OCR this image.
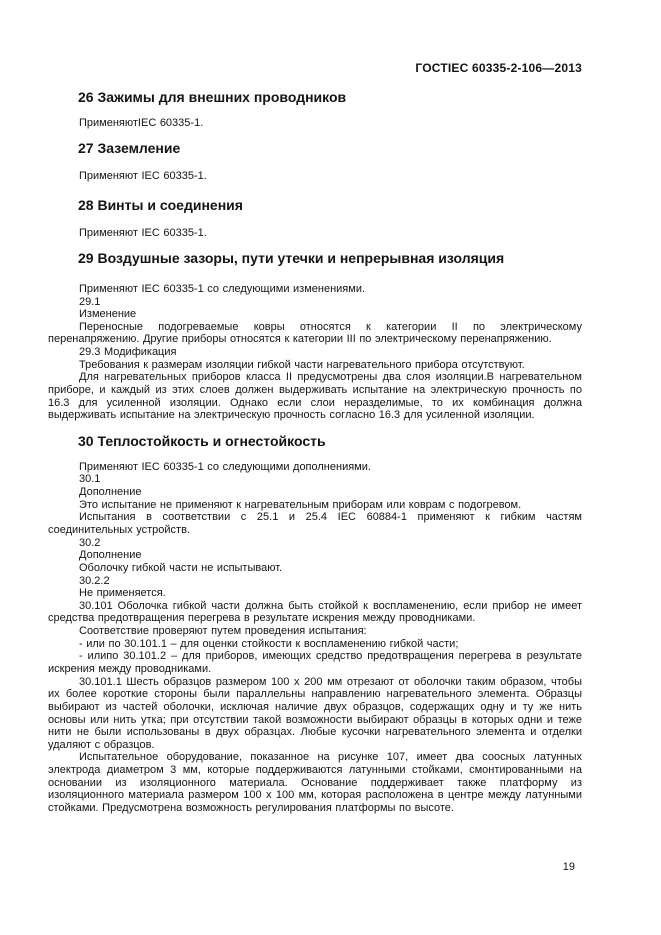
ГОСТIEC 60335-2-106—2013
26 Зажимы для внешних проводников

ПрименяютIEC 60335-1.

27 Заземление

Применяют IEC 60335-1.

28 Винты и соединения

Применяют IEC 60335-1.

29 Воздушные зазоры, пути утечки и непрерывная изоляция

Применяют IEC 60335-1 со следующими изменениями.

29.1

Изменение

Переносные подогреваемые ковры относятся к категории II по электрическому

перенапряжению. Другие приборы относятся к категории III по электрическому перенапряжению.

29.3 Модификация

Требования к размерам изоляции гибкой части нагревательного прибора отсутствуют.

Для нагревательных приборов класса II предусмотрены два слоя изоляции.В нагревательном

приборе, и каждый из этих слоев должен выдерживать испытание на электрическую прочность по

16.3 для усиленной изоляции. Однако если слои неразделимые, то их комбинация должна

выдерживать испытание на электрическую прочность согласно 16.3 для усиленной изоляции.

30 Теплостойкость и огнестойкость

Применяют IEC 60335-1 со следующими дополнениями.

30.1

Дополнение

Это испытание не применяют к нагревательным приборам или коврам с подогревом.

Испытания в соответствии с 25.1 и 25.4 IEC 60884-1 применяют к гибким частям

соединительных устройств.

30.2

Дополнение

Оболочку гибкой части не испытывают.

30.2.2

Не применяется.

30.101 Оболочка гибкой части должна быть стойкой к воспламенению, если прибор не имеет

средства предотвращения перегрева в результате искрения между проводниками.

Соответствие проверяют путем проведения испытания:

- или по 30.101.1 – для оценки стойкости к воспламенению гибкой части;

- илипо 30.101.2 – для приборов, имеющих средство предотвращения перегрева в результате

искрения между проводниками.

30.101.1 Шесть образцов размером 100 х 200 мм отрезают от оболочки таким образом, чтобы

их более короткие стороны были параллельны направлению нагревательного элемента. Образцы

выбирают из частей оболочки, исключая наличие двух образцов, содержащих одну и ту же нить

основы или нить утка; при отсутствии такой возможности выбирают образцы в которых одни и теже

нити не были использованы в двух образцах. Любые кусочки нагревательного элемента и отделки

удаляют с образцов.

Испытательное оборудование, показанное на рисунке 107, имеет два соосных латунных

электрода диаметром 3 мм, которые поддерживаются латунными стойками, смонтированными на

основании из изоляционного материала. Основание поддерживает также платформу из

изоляционного материала размером 100 х 100 мм, которая расположена в центре между латунными

стойками. Предусмотрена возможность регулирования платформы по высоте.

19
